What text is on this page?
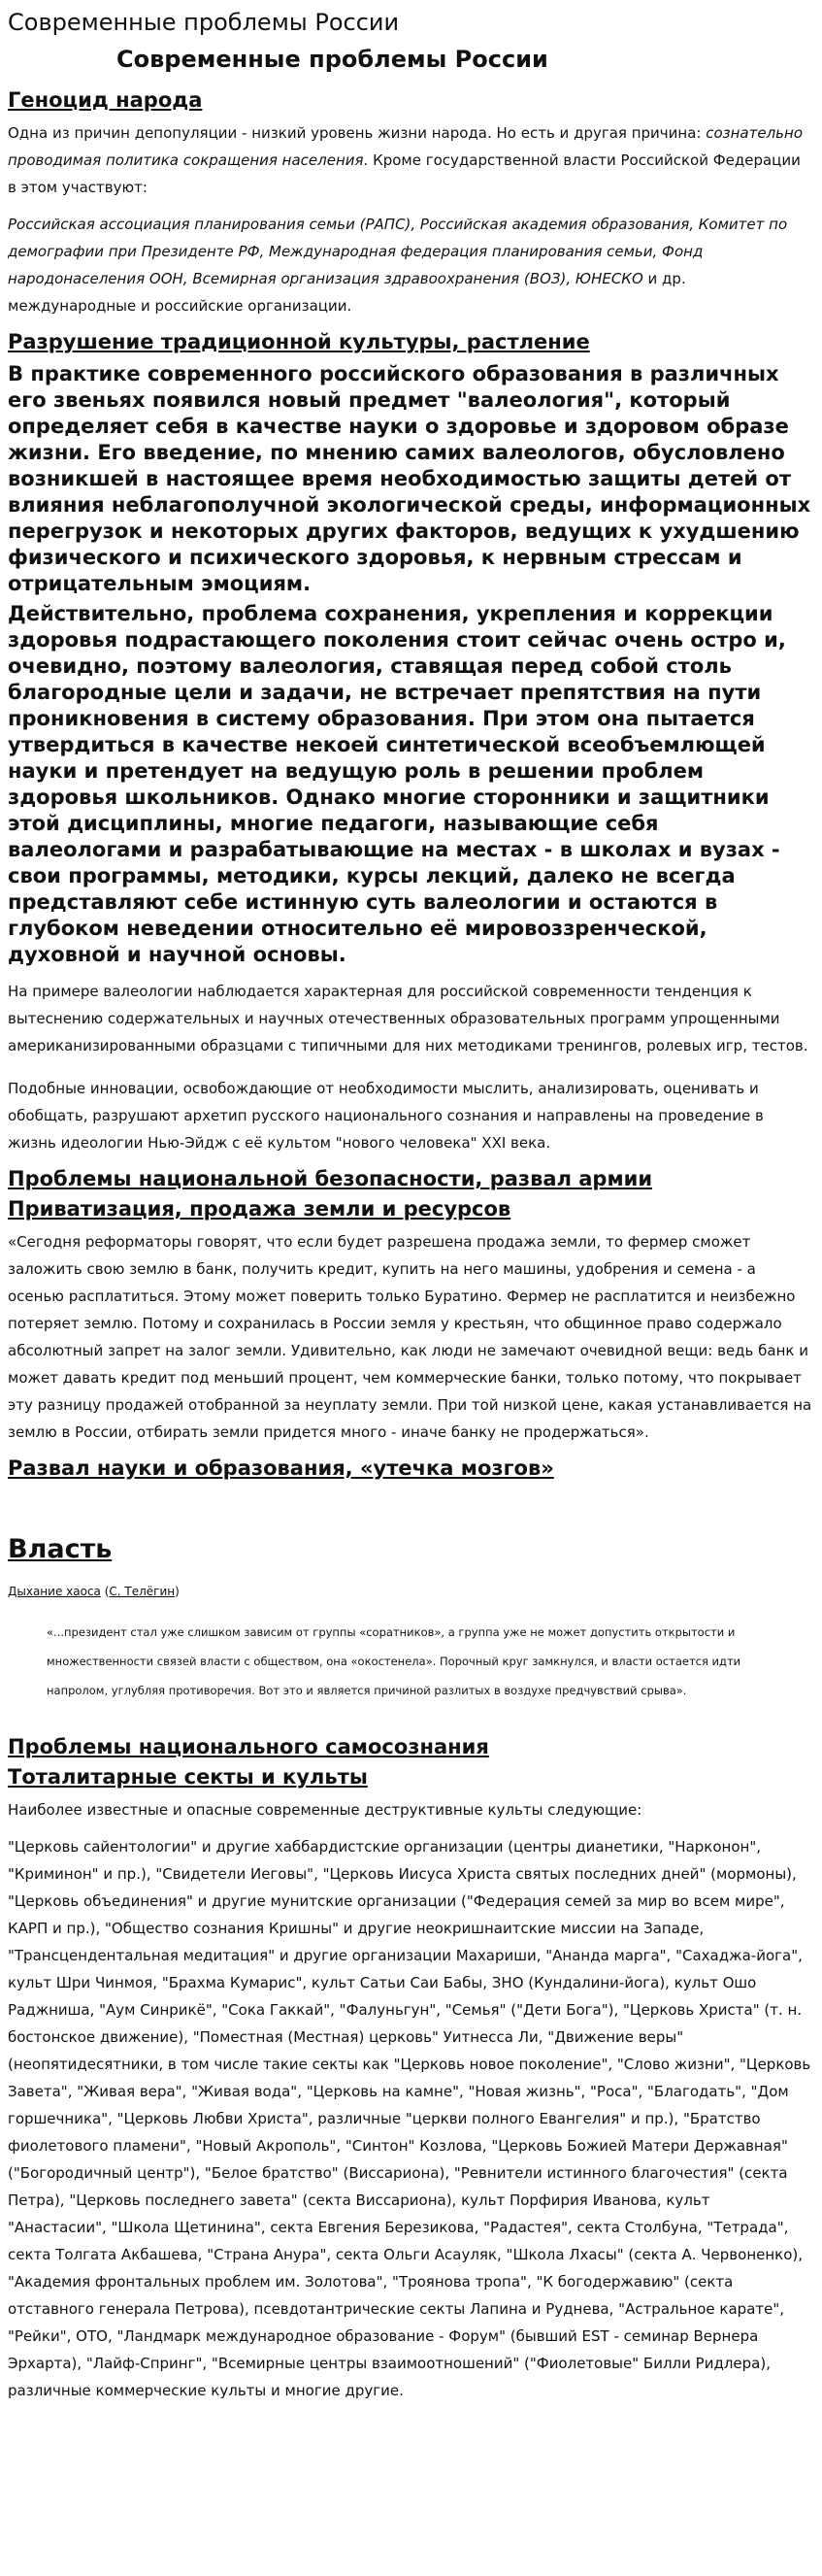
Современные проблемы России
Современные проблемы России
Геноцид народа

Одна из причин депопуляции - низкий уровень жизни народа. Но есть и другая причина: сознательно проводимая политика сокращения населения. Кроме государственной власти Российской Федерации в этом участвуют:

Российская ассоциация планирования семьи (РАПС), Российская академия образования, Комитет по демографии при Президенте РФ, Международная федерация планирования семьи, Фонд народонаселения ООН, Всемирная организация здравоохранения (ВОЗ), ЮНЕСКО и др. международные и российские организации.

Разрушение традиционной культуры, растление

В практике современного российского образования в различных его звеньях появился новый предмет "валеология", который определяет себя в качестве науки о здоровье и здоровом образе жизни. Его введение, по мнению самих валеологов, обусловлено возникшей в настоящее время необходимостью защиты детей от влияния неблагополучной экологической среды, информационных перегрузок и некоторых других факторов, ведущих к ухудшению физического и психического здоровья, к нервным стрессам и отрицательным эмоциям.

Действительно, проблема сохранения, укрепления и коррекции здоровья подрастающего поколения стоит сейчас очень остро и, очевидно, поэтому валеология, ставящая перед собой столь благородные цели и задачи, не встречает препятствия на пути проникновения в систему образования. При этом она пытается утвердиться в качестве некоей синтетической всеобъемлющей науки и претендует на ведущую роль в решении проблем здоровья школьников. Однако многие сторонники и защитники этой дисциплины, многие педагоги, называющие себя валеологами и разрабатывающие на местах - в школах и вузах - свои программы, методики, курсы лекций, далеко не всегда представляют себе истинную суть валеологии и остаются в глубоком неведении относительно её мировоззренческой, духовной и научной основы.

На примере валеологии наблюдается характерная для российской современности тенденция к вытеснению содержательных и научных отечественных образовательных программ упрощенными американизированными образцами с типичными для них методиками тренингов, ролевых игр, тестов.

Подобные инновации, освобождающие от необходимости мыслить, анализировать, оценивать и обобщать, разрушают архетип русского национального сознания и направлены на проведение в жизнь идеологии Нью-Эйдж с её культом "нового человека" XXI века.

Проблемы национальной безопасности, развал армии
Приватизация, продажа земли и ресурсов

«Сегодня реформаторы говорят, что если будет разрешена продажа земли, то фермер сможет заложить свою землю в банк, получить кредит, купить на него машины, удобрения и семена - а осенью расплатиться. Этому может поверить только Буратино. Фермер не расплатится и неизбежно потеряет землю. Потому и сохранилась в России земля у крестьян, что общинное право содержало абсолютный запрет на залог земли. Удивительно, как люди не замечают очевидной вещи: ведь банк и может давать кредит под меньший процент, чем коммерческие банки, только потому, что покрывает эту разницу продажей отобранной за неуплату земли. При той низкой цене, какая устанавливается на землю в России, отбирать земли придется много - иначе банку не продержаться».

Развал науки и образования, «утечка мозгов»
Власть
Дыхание хаоса (С. Телёгин)
«...президент стал уже слишком зависим от группы «соратников», а группа уже не может допустить открытости и множественности связей власти с обществом, она «окостенела». Порочный круг замкнулся, и власти остается идти напролом, углубляя противоречия. Вот это и является причиной разлитых в воздухе предчувствий срыва».
Проблемы национального самосознания
Тоталитарные секты и культы

Наиболее известные и опасные современные деструктивные культы следующие:

"Церковь сайентологии" и другие хаббардистские организации (центры дианетики, "Нарконон", "Криминон" и пр.), "Свидетели Иеговы", "Церковь Иисуса Христа святых последних дней" (мормоны), "Церковь объединения" и другие мунитские организации ("Федерация семей за мир во всем мире", КАРП и пр.), "Общество сознания Кришны" и другие неокришнаитские миссии на Западе, "Трансцендентальная медитация" и другие организации Махариши, "Ананда марга", "Сахаджа-йога", культ Шри Чинмоя, "Брахма Кумарис", культ Сатьи Саи Бабы, ЗНО (Кундалини-йога), культ Ошо Раджниша, "Аум Синрикё", "Сока Гаккай", "Фалуньгун", "Семья" ("Дети Бога"), "Церковь Христа" (т. н. бостонское движение), "Поместная (Местная) церковь" Уитнесса Ли, "Движение веры" (неопятидесятники, в том числе такие секты как "Церковь новое поколение", "Слово жизни", "Церковь Завета", "Живая вера", "Живая вода", "Церковь на камне", "Новая жизнь", "Роса", "Благодать", "Дом горшечника", "Церковь Любви Христа", различные "церкви полного Евангелия" и пр.), "Братство фиолетового пламени", "Новый Акрополь", "Синтон" Козлова, "Церковь Божией Матери Державная" ("Богородичный центр"), "Белое братство" (Виссариона), "Ревнители истинного благочестия" (секта Петра), "Церковь последнего завета" (секта Виссариона), культ Порфирия Иванова, культ "Анастасии", "Школа Щетинина", секта Евгения Березикова, "Радастея", секта Столбуна, "Тетрада", секта Толгата Акбашева, "Страна Анура", секта Ольги Асауляк, "Школа Лхасы" (секта А. Червоненко), "Академия фронтальных проблем им. Золотова", "Троянова тропа", "К богодержавию" (секта отставного генерала Петрова), псевдотантрические секты Лапина и Руднева, "Астральное карате", "Рейки", ОТО, "Ландмарк международное образование - Форум" (бывший EST - семинар Вернера Эрхарта), "Лайф-Спринг", "Всемирные центры взаимоотношений" ("Фиолетовые" Билли Ридлера), различные коммерческие культы и многие другие.
